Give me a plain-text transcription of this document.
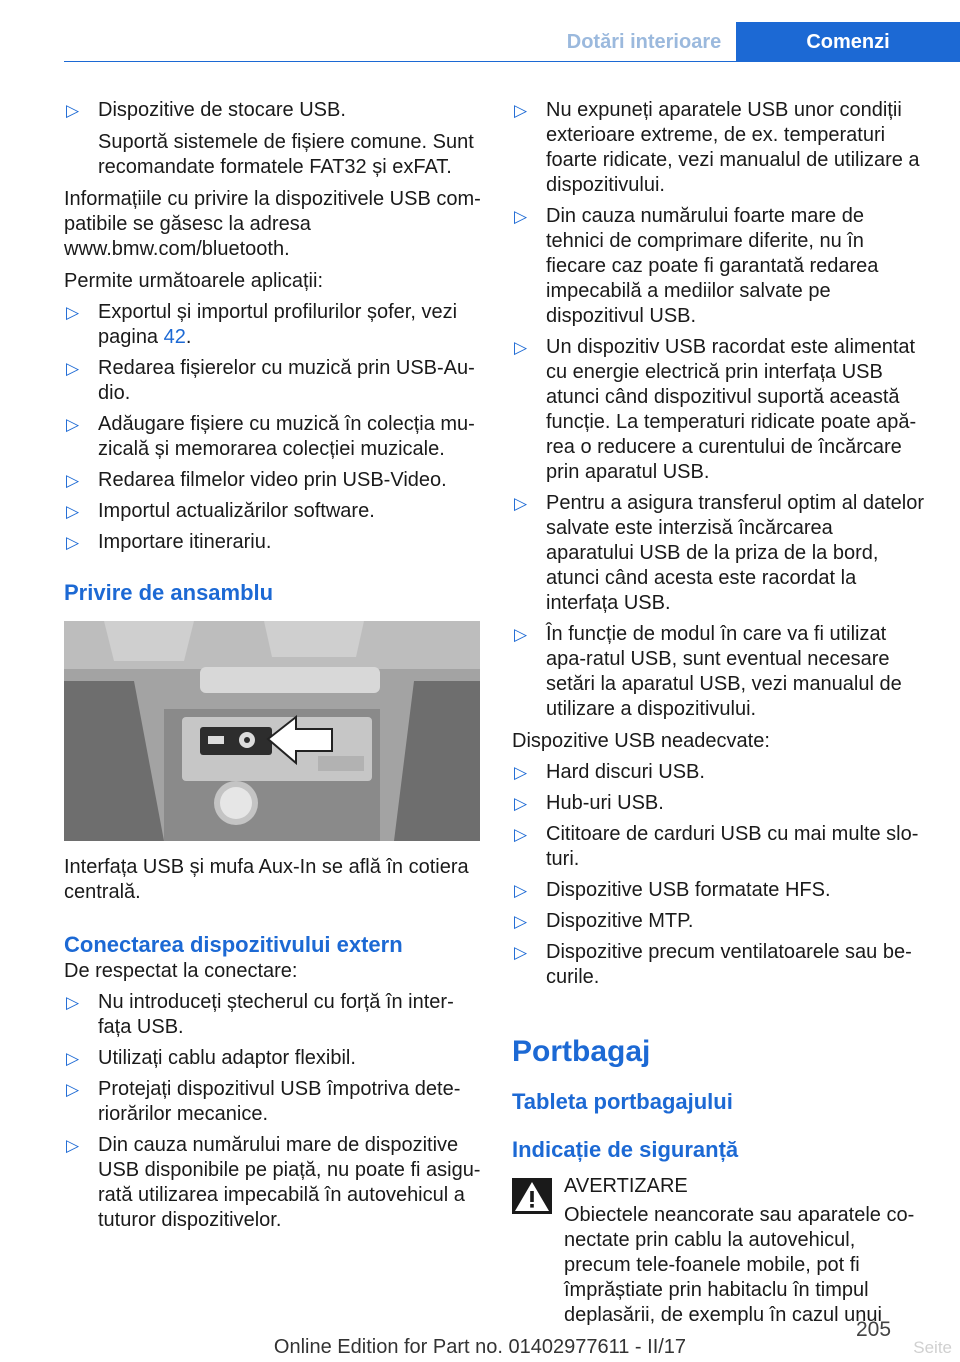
Dotări interioare	Comenzi
▷ Dispozitive de stocare USB.
Suportă sistemele de fișiere comune. Sunt recomandate formatele FAT32 și exFAT.
Informațiile cu privire la dispozitivele USB com‐patibile se găsesc la adresa www.bmw.com/bluetooth.
Permite următoarele aplicații:
▷ Exportul și importul profilurilor șofer, vezi pagina 42.
▷ Redarea fișierelor cu muzică prin USB-Au‐dio.
▷ Adăugare fișiere cu muzică în colecția mu‐zicală și memorarea colecției muzicale.
▷ Redarea filmelor video prin USB-Video.
▷ Importul actualizărilor software.
▷ Importare itinerariu.
Privire de ansamblu
Interfața USB și mufa Aux-In se află în cotiera centrală.
Conectarea dispozitivului extern
De respectat la conectare:
▷ Nu introduceți ștecherul cu forță în inter‐fața USB.
▷ Utilizați cablu adaptor flexibil.
▷ Protejați dispozitivul USB împotriva dete‐riorărilor mecanice.
▷ Din cauza numărului mare de dispozitive USB disponibile pe piață, nu poate fi asigu‐rată utilizarea impecabilă în autovehicul a tuturor dispozitivelor.
▷ Nu expuneți aparatele USB unor condiții exterioare extreme, de ex. temperaturi foarte ridicate, vezi manualul de utilizare a dispozitivului.
▷ Din cauza numărului foarte mare de tehnici de comprimare diferite, nu în fiecare caz poate fi garantată redarea impecabilă a mediilor salvate pe dispozitivul USB.
▷ Un dispozitiv USB racordat este alimentat cu energie electrică prin interfața USB atunci când dispozitivul suportă această funcție. La temperaturi ridicate poate apă‐rea o reducere a curentului de încărcare prin aparatul USB.
▷ Pentru a asigura transferul optim al datelor salvate este interzisă încărcarea aparatului USB de la priza de la bord, atunci când acesta este racordat la interfața USB.
▷ În funcție de modul în care va fi utilizat apa‐ratul USB, sunt eventual necesare setări la aparatul USB, vezi manualul de utilizare a dispozitivului.
Dispozitive USB neadecvate:
▷ Hard discuri USB.
▷ Hub-uri USB.
▷ Cititoare de carduri USB cu mai multe slo‐turi.
▷ Dispozitive USB formatate HFS.
▷ Dispozitive MTP.
▷ Dispozitive precum ventilatoarele sau be‐curile.
Portbagaj
Tableta portbagajului
Indicație de siguranță
AVERTIZARE
Obiectele neancorate sau aparatele co‐nectate prin cablu la autovehicul, precum tele‐foanele mobile, pot fi împrăștiate prin habitaclu în timpul deplasării, de exemplu în cazul unui
205
Seite
Online Edition for Part no. 01402977611 - II/17
